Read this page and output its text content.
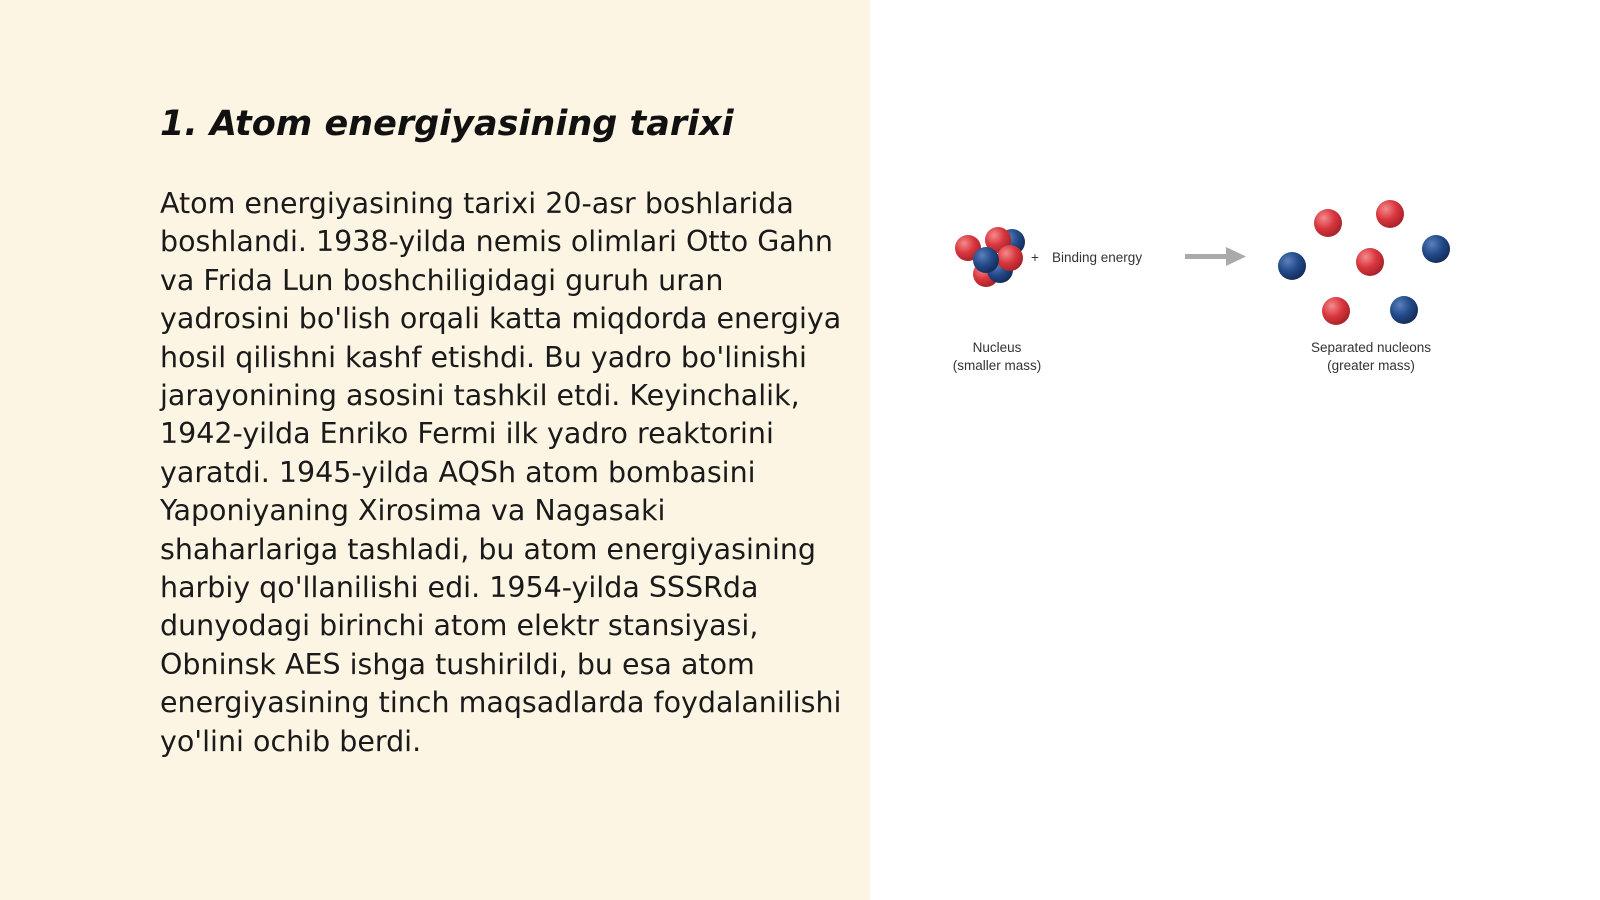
1. Atom energiyasining tarixi

Atom energiyasining tarixi 20-asr boshlarida boshlandi. 1938-yilda nemis olimlari Otto Gahn va Frida Lun boshchiligidagi guruh uran yadrosini bo'lish orqali katta miqdorda energiya hosil qilishni kashf etishdi. Bu yadro bo'linishi jarayonining asosini tashkil etdi. Keyinchalik, 1942-yilda Enriko Fermi ilk yadro reaktorini yaratdi. 1945-yilda AQSh atom bombasini Yaponiyaning Xirosima va Nagasaki shaharlariga tashladi, bu atom energiyasining harbiy qo'llanilishi edi. 1954-yilda SSSRda dunyodagi birinchi atom elektr stansiyasi, Obninsk AES ishga tushirildi, bu esa atom energiyasining tinch maqsadlarda foydalanilishi yo'lini ochib berdi.

+ Binding energy
Nucleus
(smaller mass)
Separated nucleons
(greater mass)
